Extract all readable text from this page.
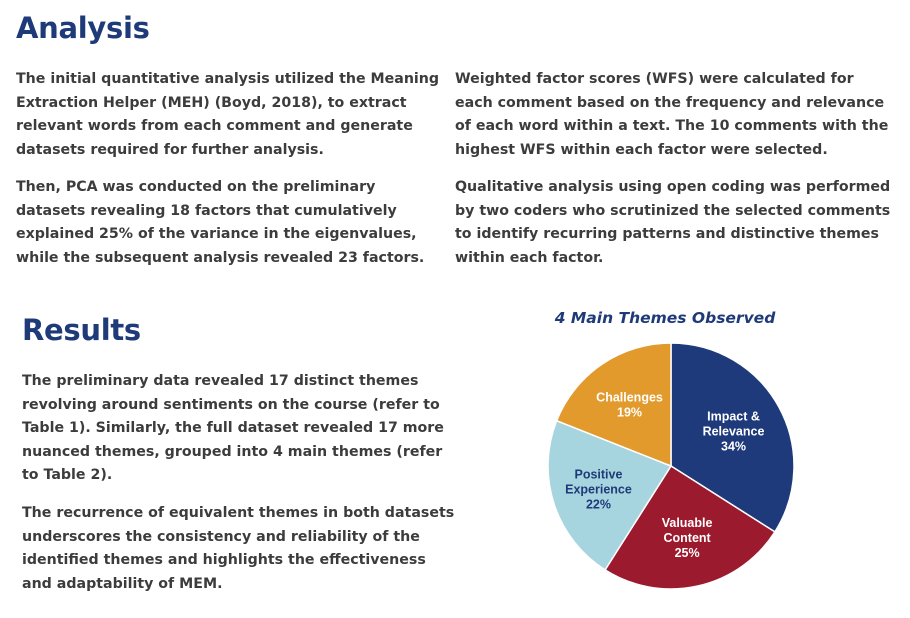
Analysis

The initial quantitative analysis utilized the Meaning Extraction Helper (MEH) (Boyd, 2018), to extract relevant words from each comment and generate datasets required for further analysis.

Then, PCA was conducted on the preliminary datasets revealing 18 factors that cumulatively explained 25% of the variance in the eigenvalues, while the subsequent analysis revealed 23 factors.

Weighted factor scores (WFS) were calculated for each comment based on the frequency and relevance of each word within a text. The 10 comments with the highest WFS within each factor were selected.

Qualitative analysis using open coding was performed by two coders who scrutinized the selected comments to identify recurring patterns and distinctive themes within each factor.

Results

The preliminary data revealed 17 distinct themes revolving around sentiments on the course (refer to Table 1). Similarly, the full dataset revealed 17 more nuanced themes, grouped into 4 main themes (refer to Table 2).

The recurrence of equivalent themes in both datasets underscores the consistency and reliability of the identified themes and highlights the effectiveness and adaptability of MEM.

4 Main Themes Observed
Impact & Relevance 34%
Valuable Content 25%
Positive Experience 22%
Challenges 19%
